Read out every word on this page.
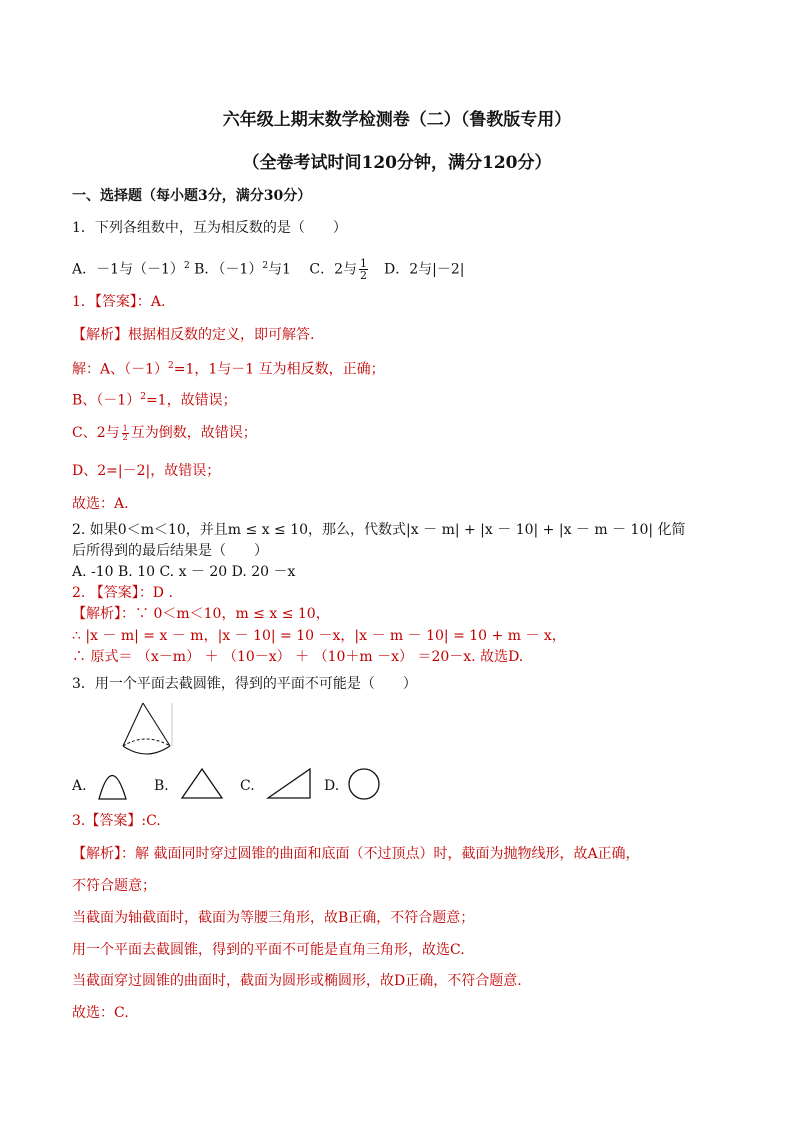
六年级上期末数学检测卷（二）（鲁教版专用）
（全卷考试时间120分钟，满分120分）
一、选择题（每小题3分，满分30分）
1．下列各组数中，互为相反数的是（　　）
A．－1与$(-1)^2$ B．$(-1)^2$与1　 C．2与 $\frac{1}{2}$ 　D．2与|－2|
1．【答案】：A.
【解析】根据相反数的定义，即可解答.
解：A、$(-1)^2=1$，1与－1 互为相反数，正确；
B、$(-1)^2=1$，故错误；
C、2与 $\frac{1}{2}$ 互为倒数，故错误；
D、2=|－2|，故错误；
故选：A.
2. 如果0＜m＜10，并且m ≤ x ≤ 10，那么，代数式|x － m| + |x － 10| + |x － m － 10| 化简
后所得到的最后结果是（　　）
A. -10 B. 10 C. x － 20 D. 20 －x
2. 【答案】：D .
【解析】：∵ 0＜m＜10，m ≤ x ≤ 10，
∴ |x － m| = x － m，|x － 10| = 10 －x，|x － m － 10| = 10 + m － x，
∴ 原式＝ （x－m） ＋ （10－x） ＋ （10＋m －x） ＝20－x. 故选D.
3．用一个平面去截圆锥，得到的平面不可能是（　　）
A.	B.	C.	D.
3.【答案】:C.
【解析】：解 截面同时穿过圆锥的曲面和底面（不过顶点）时，截面为抛物线形，故A正确，
不符合题意；
当截面为轴截面时，截面为等腰三角形，故B正确，不符合题意；
用一个平面去截圆锥，得到的平面不可能是直角三角形，故选C.
当截面穿过圆锥的曲面时，截面为圆形或椭圆形，故D正确，不符合题意.
故选：C.
